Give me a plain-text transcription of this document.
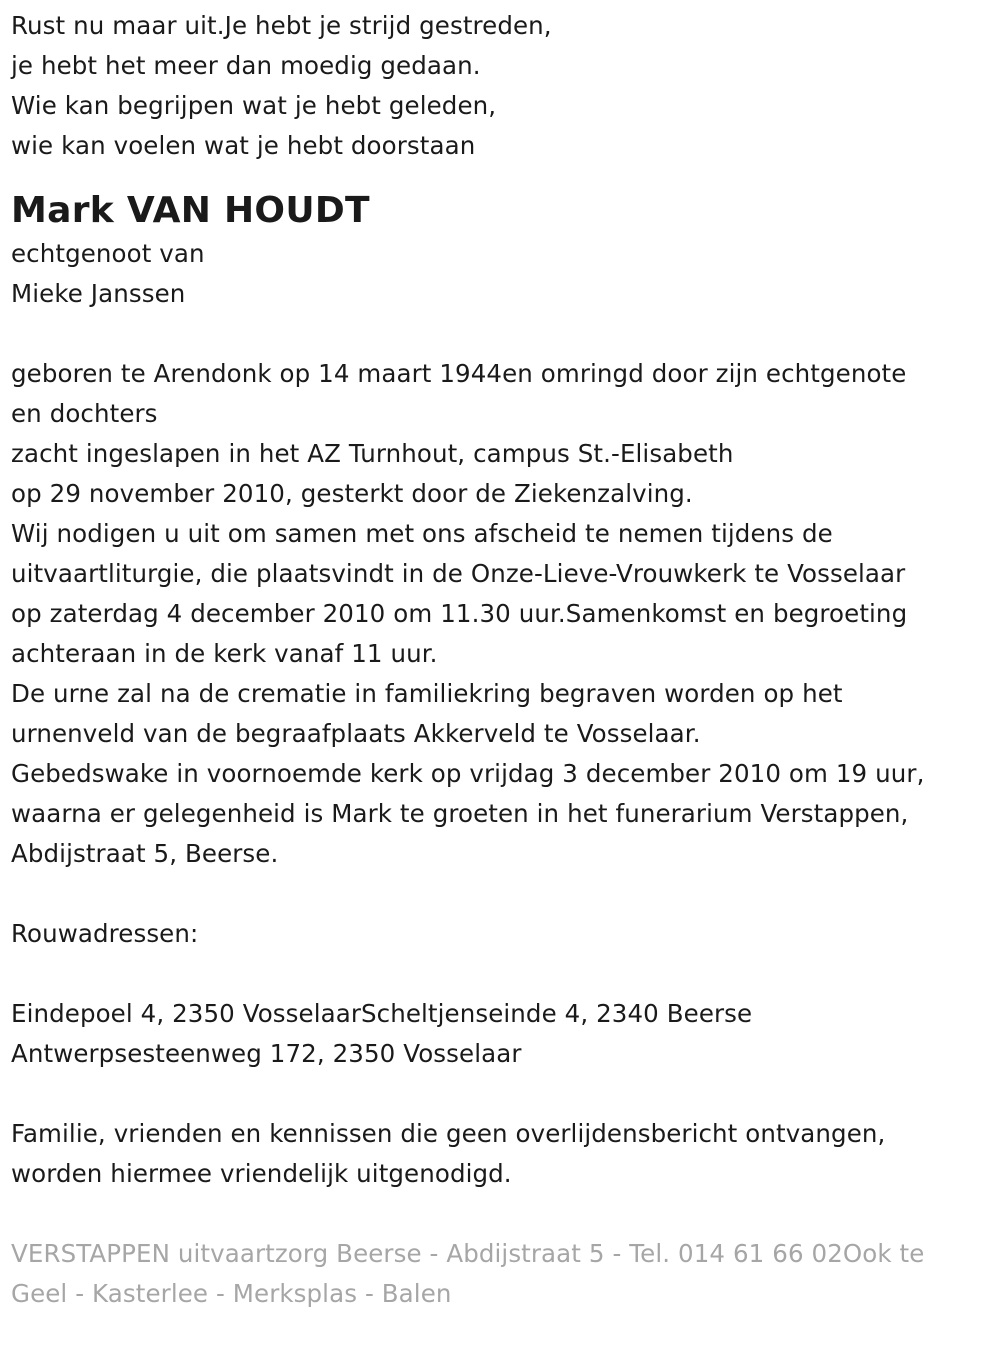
Rust nu maar uit.Je hebt je strijd gestreden,
je hebt het meer dan moedig gedaan.
Wie kan begrijpen wat je hebt geleden,
wie kan voelen wat je hebt doorstaan
Mark VAN HOUDT
echtgenoot van
Mieke Janssen
geboren te Arendonk op 14 maart 1944en omringd door zijn echtgenote
en dochters
zacht ingeslapen in het AZ Turnhout, campus St.-Elisabeth
op 29 november 2010, gesterkt door de Ziekenzalving.
Wij nodigen u uit om samen met ons afscheid te nemen tijdens de
uitvaartliturgie, die plaatsvindt in de Onze-Lieve-Vrouwkerk te Vosselaar
op zaterdag 4 december 2010 om 11.30 uur.Samenkomst en begroeting
achteraan in de kerk vanaf 11 uur.
De urne zal na de crematie in familiekring begraven worden op het
urnenveld van de begraafplaats Akkerveld te Vosselaar.
Gebedswake in voornoemde kerk op vrijdag 3 december 2010 om 19 uur,
waarna er gelegenheid is Mark te groeten in het funerarium Verstappen,
Abdijstraat 5, Beerse.
Rouwadressen:
Eindepoel 4, 2350 VosselaarScheltjenseinde 4, 2340 Beerse
Antwerpsesteenweg 172, 2350 Vosselaar
Familie, vrienden en kennissen die geen overlijdensbericht ontvangen,
worden hiermee vriendelijk uitgenodigd.
VERSTAPPEN uitvaartzorg Beerse - Abdijstraat 5 - Tel. 014 61 66 02Ook te
Geel - Kasterlee - Merksplas - Balen
